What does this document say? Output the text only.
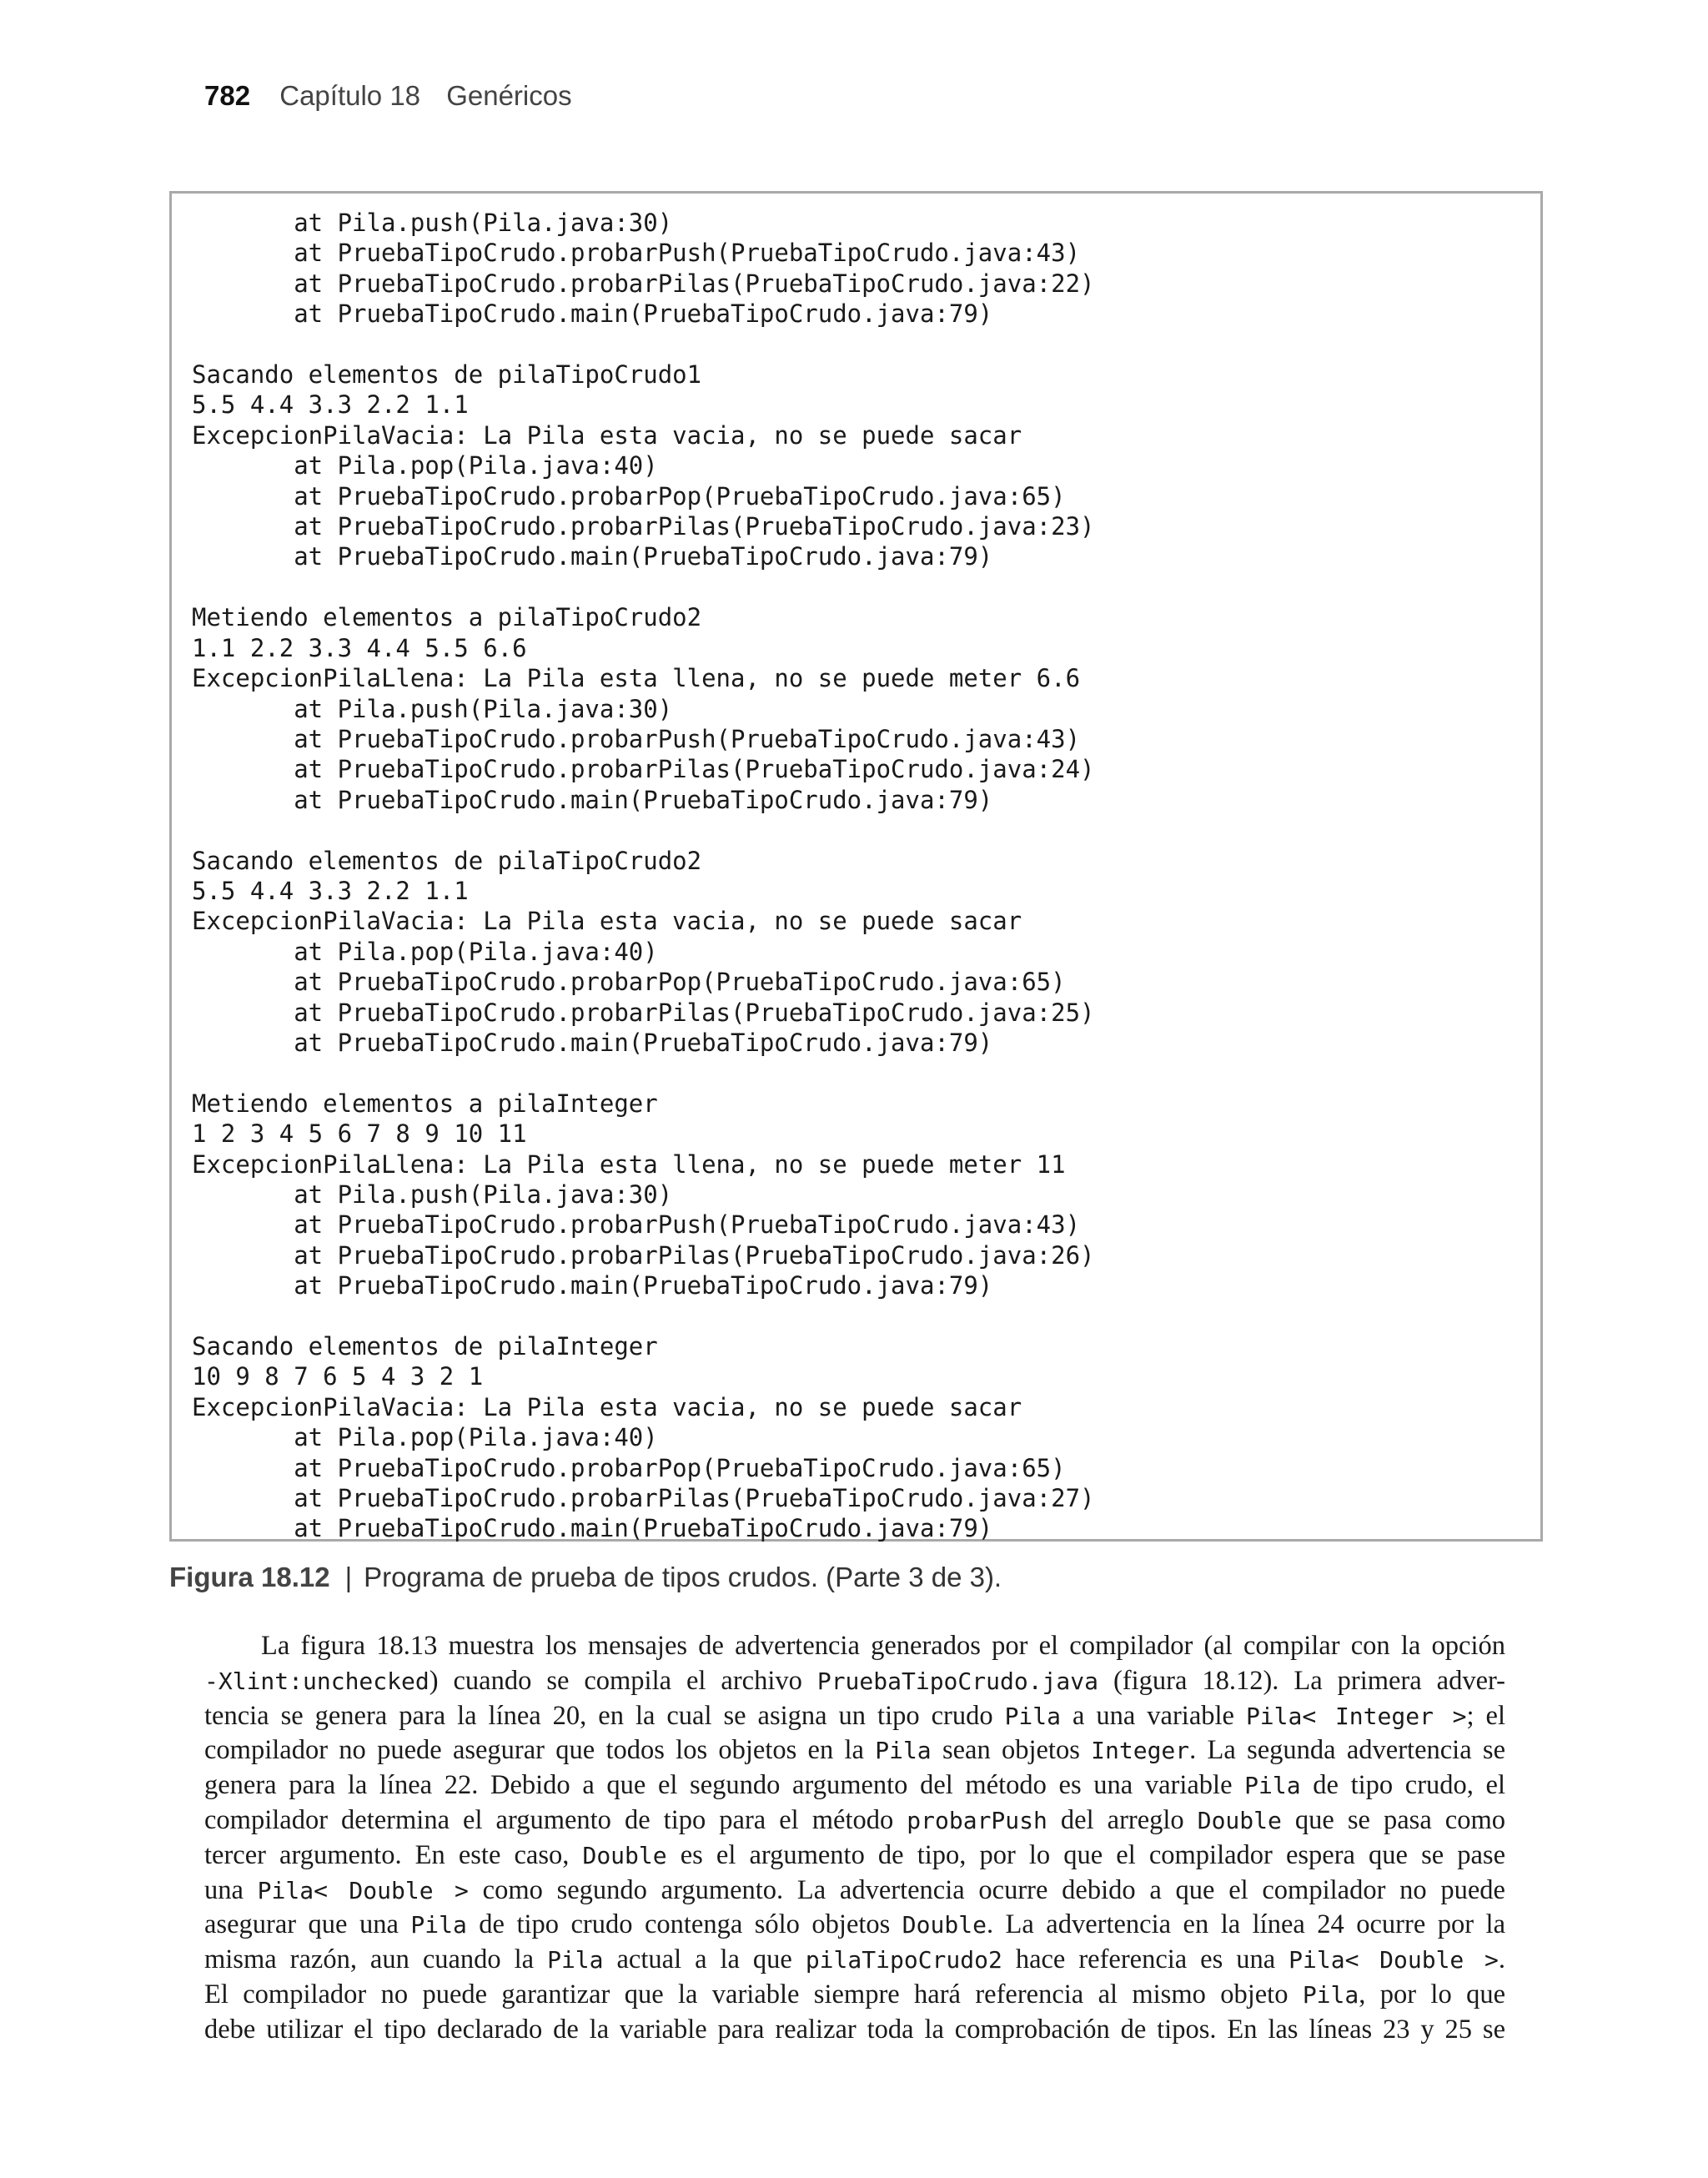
782 Capítulo 18 Genéricos
at Pila.push(Pila.java:30)
at PruebaTipoCrudo.probarPush(PruebaTipoCrudo.java:43)
at PruebaTipoCrudo.probarPilas(PruebaTipoCrudo.java:22)
at PruebaTipoCrudo.main(PruebaTipoCrudo.java:79)

Sacando elementos de pilaTipoCrudo1
5.5 4.4 3.3 2.2 1.1
ExcepcionPilaVacia: La Pila esta vacia, no se puede sacar
at Pila.pop(Pila.java:40)
at PruebaTipoCrudo.probarPop(PruebaTipoCrudo.java:65)
at PruebaTipoCrudo.probarPilas(PruebaTipoCrudo.java:23)
at PruebaTipoCrudo.main(PruebaTipoCrudo.java:79)

Metiendo elementos a pilaTipoCrudo2
1.1 2.2 3.3 4.4 5.5 6.6
ExcepcionPilaLlena: La Pila esta llena, no se puede meter 6.6
at Pila.push(Pila.java:30)
at PruebaTipoCrudo.probarPush(PruebaTipoCrudo.java:43)
at PruebaTipoCrudo.probarPilas(PruebaTipoCrudo.java:24)
at PruebaTipoCrudo.main(PruebaTipoCrudo.java:79)

Sacando elementos de pilaTipoCrudo2
5.5 4.4 3.3 2.2 1.1
ExcepcionPilaVacia: La Pila esta vacia, no se puede sacar
at Pila.pop(Pila.java:40)
at PruebaTipoCrudo.probarPop(PruebaTipoCrudo.java:65)
at PruebaTipoCrudo.probarPilas(PruebaTipoCrudo.java:25)
at PruebaTipoCrudo.main(PruebaTipoCrudo.java:79)

Metiendo elementos a pilaInteger
1 2 3 4 5 6 7 8 9 10 11
ExcepcionPilaLlena: La Pila esta llena, no se puede meter 11
at Pila.push(Pila.java:30)
at PruebaTipoCrudo.probarPush(PruebaTipoCrudo.java:43)
at PruebaTipoCrudo.probarPilas(PruebaTipoCrudo.java:26)
at PruebaTipoCrudo.main(PruebaTipoCrudo.java:79)

Sacando elementos de pilaInteger
10 9 8 7 6 5 4 3 2 1
ExcepcionPilaVacia: La Pila esta vacia, no se puede sacar
at Pila.pop(Pila.java:40)
at PruebaTipoCrudo.probarPop(PruebaTipoCrudo.java:65)
at PruebaTipoCrudo.probarPilas(PruebaTipoCrudo.java:27)
at PruebaTipoCrudo.main(PruebaTipoCrudo.java:79)
Figura 18.12 | Programa de prueba de tipos crudos. (Parte 3 de 3).
La figura 18.13 muestra los mensajes de advertencia generados por el compilador (al compilar con la opción
-Xlint:unchecked) cuando se compila el archivo PruebaTipoCrudo.java (figura 18.12). La primera adver-
tencia se genera para la línea 20, en la cual se asigna un tipo crudo Pila a una variable Pila< Integer >; el
compilador no puede asegurar que todos los objetos en la Pila sean objetos Integer. La segunda advertencia se
genera para la línea 22. Debido a que el segundo argumento del método es una variable Pila de tipo crudo, el
compilador determina el argumento de tipo para el método probarPush del arreglo Double que se pasa como
tercer argumento. En este caso, Double es el argumento de tipo, por lo que el compilador espera que se pase
una Pila< Double > como segundo argumento. La advertencia ocurre debido a que el compilador no puede
asegurar que una Pila de tipo crudo contenga sólo objetos Double. La advertencia en la línea 24 ocurre por la
misma razón, aun cuando la Pila actual a la que pilaTipoCrudo2 hace referencia es una Pila< Double >.
El compilador no puede garantizar que la variable siempre hará referencia al mismo objeto Pila, por lo que
debe utilizar el tipo declarado de la variable para realizar toda la comprobación de tipos. En las líneas 23 y 25 se
